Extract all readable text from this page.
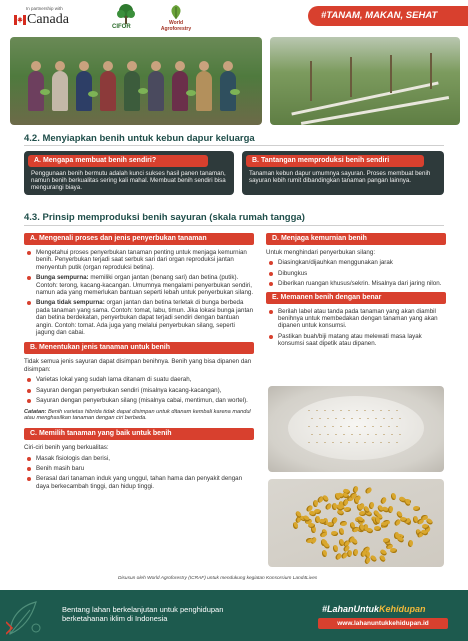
In partnership with
Canada	CIFOR
World
Agroforestry
#TANAM, MAKAN, SEHAT
4.2. Menyiapkan benih untuk kebun dapur keluarga
A. Mengapa membuat benih sendiri?

Penggunaan benih bermutu adalah kunci sukses hasil panen tanaman, namun benih berkualitas sering kali mahal. Membuat benih sendiri bisa mengurangi biaya.

B. Tantangan memproduksi benih sendiri

Tanaman kebun dapur umumnya sayuran. Proses membuat benih sayuran lebih rumit dibandingkan tanaman pangan lainnya.

4.3. Prinsip memproduksi benih sayuran (skala rumah tangga)
A. Mengenali proses dan jenis penyerbukan tanaman
Mengetahui proses penyerbukan tanaman penting untuk menjaga kemurnian benih. Penyerbukan terjadi saat serbuk sari dari organ reproduksi jantan menyentuh putik (organ reproduksi betina).
Bunga sempurna: memiliki organ jantan (benang sari) dan betina (putik). Contoh: terong, kacang-kacangan. Umumnya mengalami penyerbukan sendiri, namun ada yang memerlukan bantuan seperti lebah untuk penyerbukan silang.
Bunga tidak sempurna: organ jantan dan betina terletak di bunga berbeda pada tanaman yang sama. Contoh: tomat, labu, timun. Jika lokasi bunga jantan dan betina berdekatan, penyerbukan dapat terjadi sendiri dengan bantuan angin. Contoh: tomat. Ada juga yang melalui penyerbukan silang, seperti jagung dan cabai.
B. Menentukan jenis tanaman untuk benih
Tidak semua jenis sayuran dapat disimpan benihnya. Benih yang bisa dipanen dan disimpan:
Varietas lokal yang sudah lama ditanam di suatu daerah,
Sayuran dengan penyerbukan sendiri (misalnya kacang-kacangan),
Sayuran dengan penyerbukan silang (misalnya cabai, mentimun, dan wortel).
Catatan: Benih varietas hibrida tidak dapat disimpan untuk ditanam kembali karena mandul atau menghasilkan tanaman dengan ciri berbeda.
C. Memilih tanaman yang baik untuk benih
Ciri-ciri benih yang berkualitas:
Masak fisiologis dan berisi,
Benih masih baru
Berasal dari tanaman induk yang unggul, tahan hama dan penyakit dengan daya berkecambah tinggi, dan hidup tinggi.
D. Menjaga kemurnian benih
Untuk menghindari penyerbukan silang:
Diasingkan/dijauhkan menggunakan jarak
Dibungkus
Diberikan ruangan khusus/sekrin. Misalnya dari jaring nilon.
E. Memanen benih dengan benar
Berilah label atau tanda pada tanaman yang akan diambil benihnya untuk membedakan dengan tanaman yang akan dipanen untuk konsumsi.
Pastikan buah/biji matang atau melewati masa layak konsumsi saat dipetik atau dipanen.
Disusun oleh World Agroforestry (ICRAF) untuk mendukung kegiatan Konsorsium Land4Lives
Bentang lahan berkelanjutan untuk penghidupan
berketahanan iklim di Indonesia
#LahanUntukKehidupan
www.lahanuntukkehidupan.id
